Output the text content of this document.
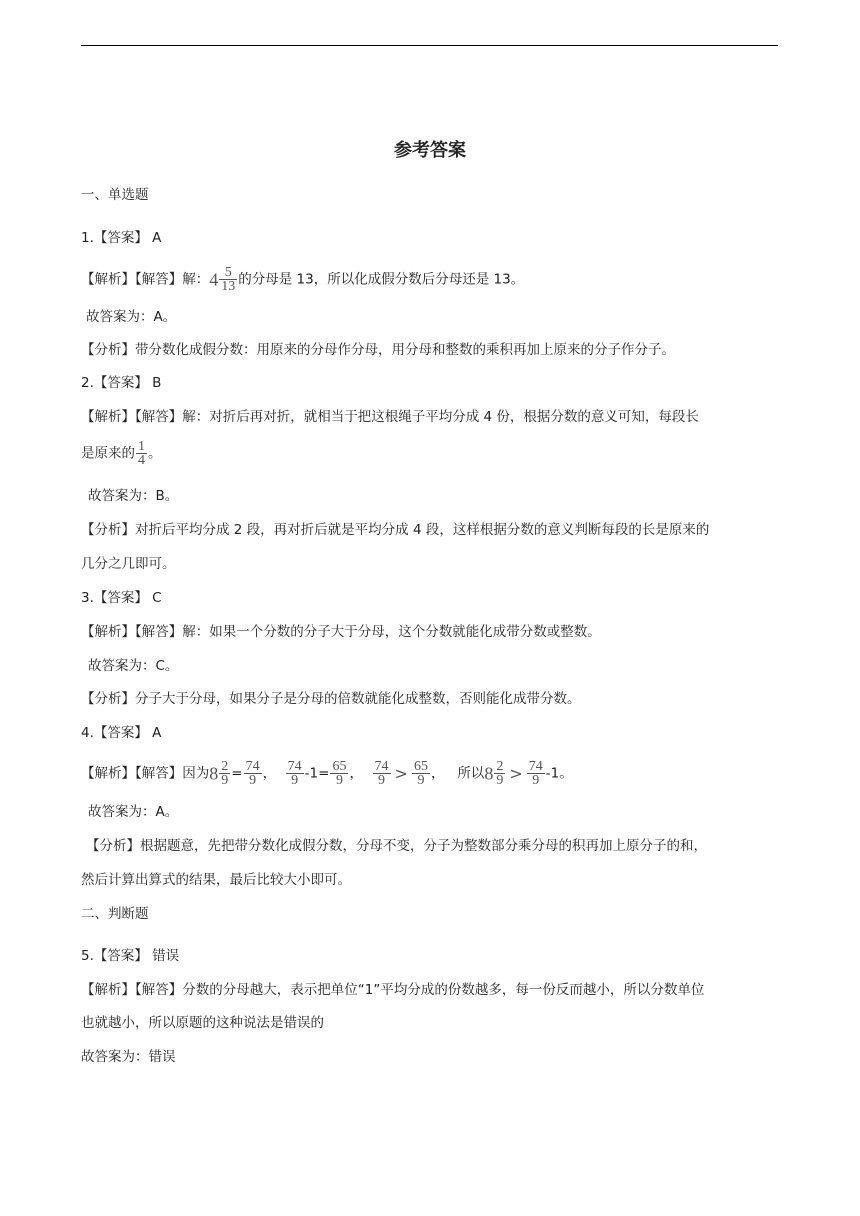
参考答案
一、单选题
1.【答案】 A
【解析】【解答】解：$4 \frac{5}{13}$ 的分母是 13，所以化成假分数后分母还是 13。
故答案为：A。
【分析】带分数化成假分数：用原来的分母作分母，用分母和整数的乘积再加上原来的分子作分子。
2.【答案】 B
【解析】【解答】解：对折后再对折，就相当于把这根绳子平均分成 4 份，根据分数的意义可知，每段长
是原来的 $\frac{1}{4}$ 。
故答案为：B。
【分析】对折后平均分成 2 段，再对折后就是平均分成 4 段，这样根据分数的意义判断每段的长是原来的
几分之几即可。
3.【答案】 C
【解析】【解答】解：如果一个分数的分子大于分母，这个分数就能化成带分数或整数。
故答案为：C。
【分析】分子大于分母，如果分子是分母的倍数就能化成整数，否则能化成带分数。
4.【答案】 A
【解析】【解答】因为$8 \frac{2}{9} = \frac{74}{9}$ ， $\frac{74}{9} -1= \frac{65}{9}$ ， $\frac{74}{9} > \frac{65}{9}$ ， 所以$8 \frac{2}{9} > \frac{74}{9} -1$。
故答案为：A。
【分析】根据题意，先把带分数化成假分数，分母不变，分子为整数部分乘分母的积再加上原分子的和，
然后计算出算式的结果，最后比较大小即可。
二、判断题
5.【答案】 错误
【解析】【解答】分数的分母越大，表示把单位“1”平均分成的份数越多，每一份反而越小，所以分数单位
也就越小，所以原题的这种说法是错误的
故答案为：错误
